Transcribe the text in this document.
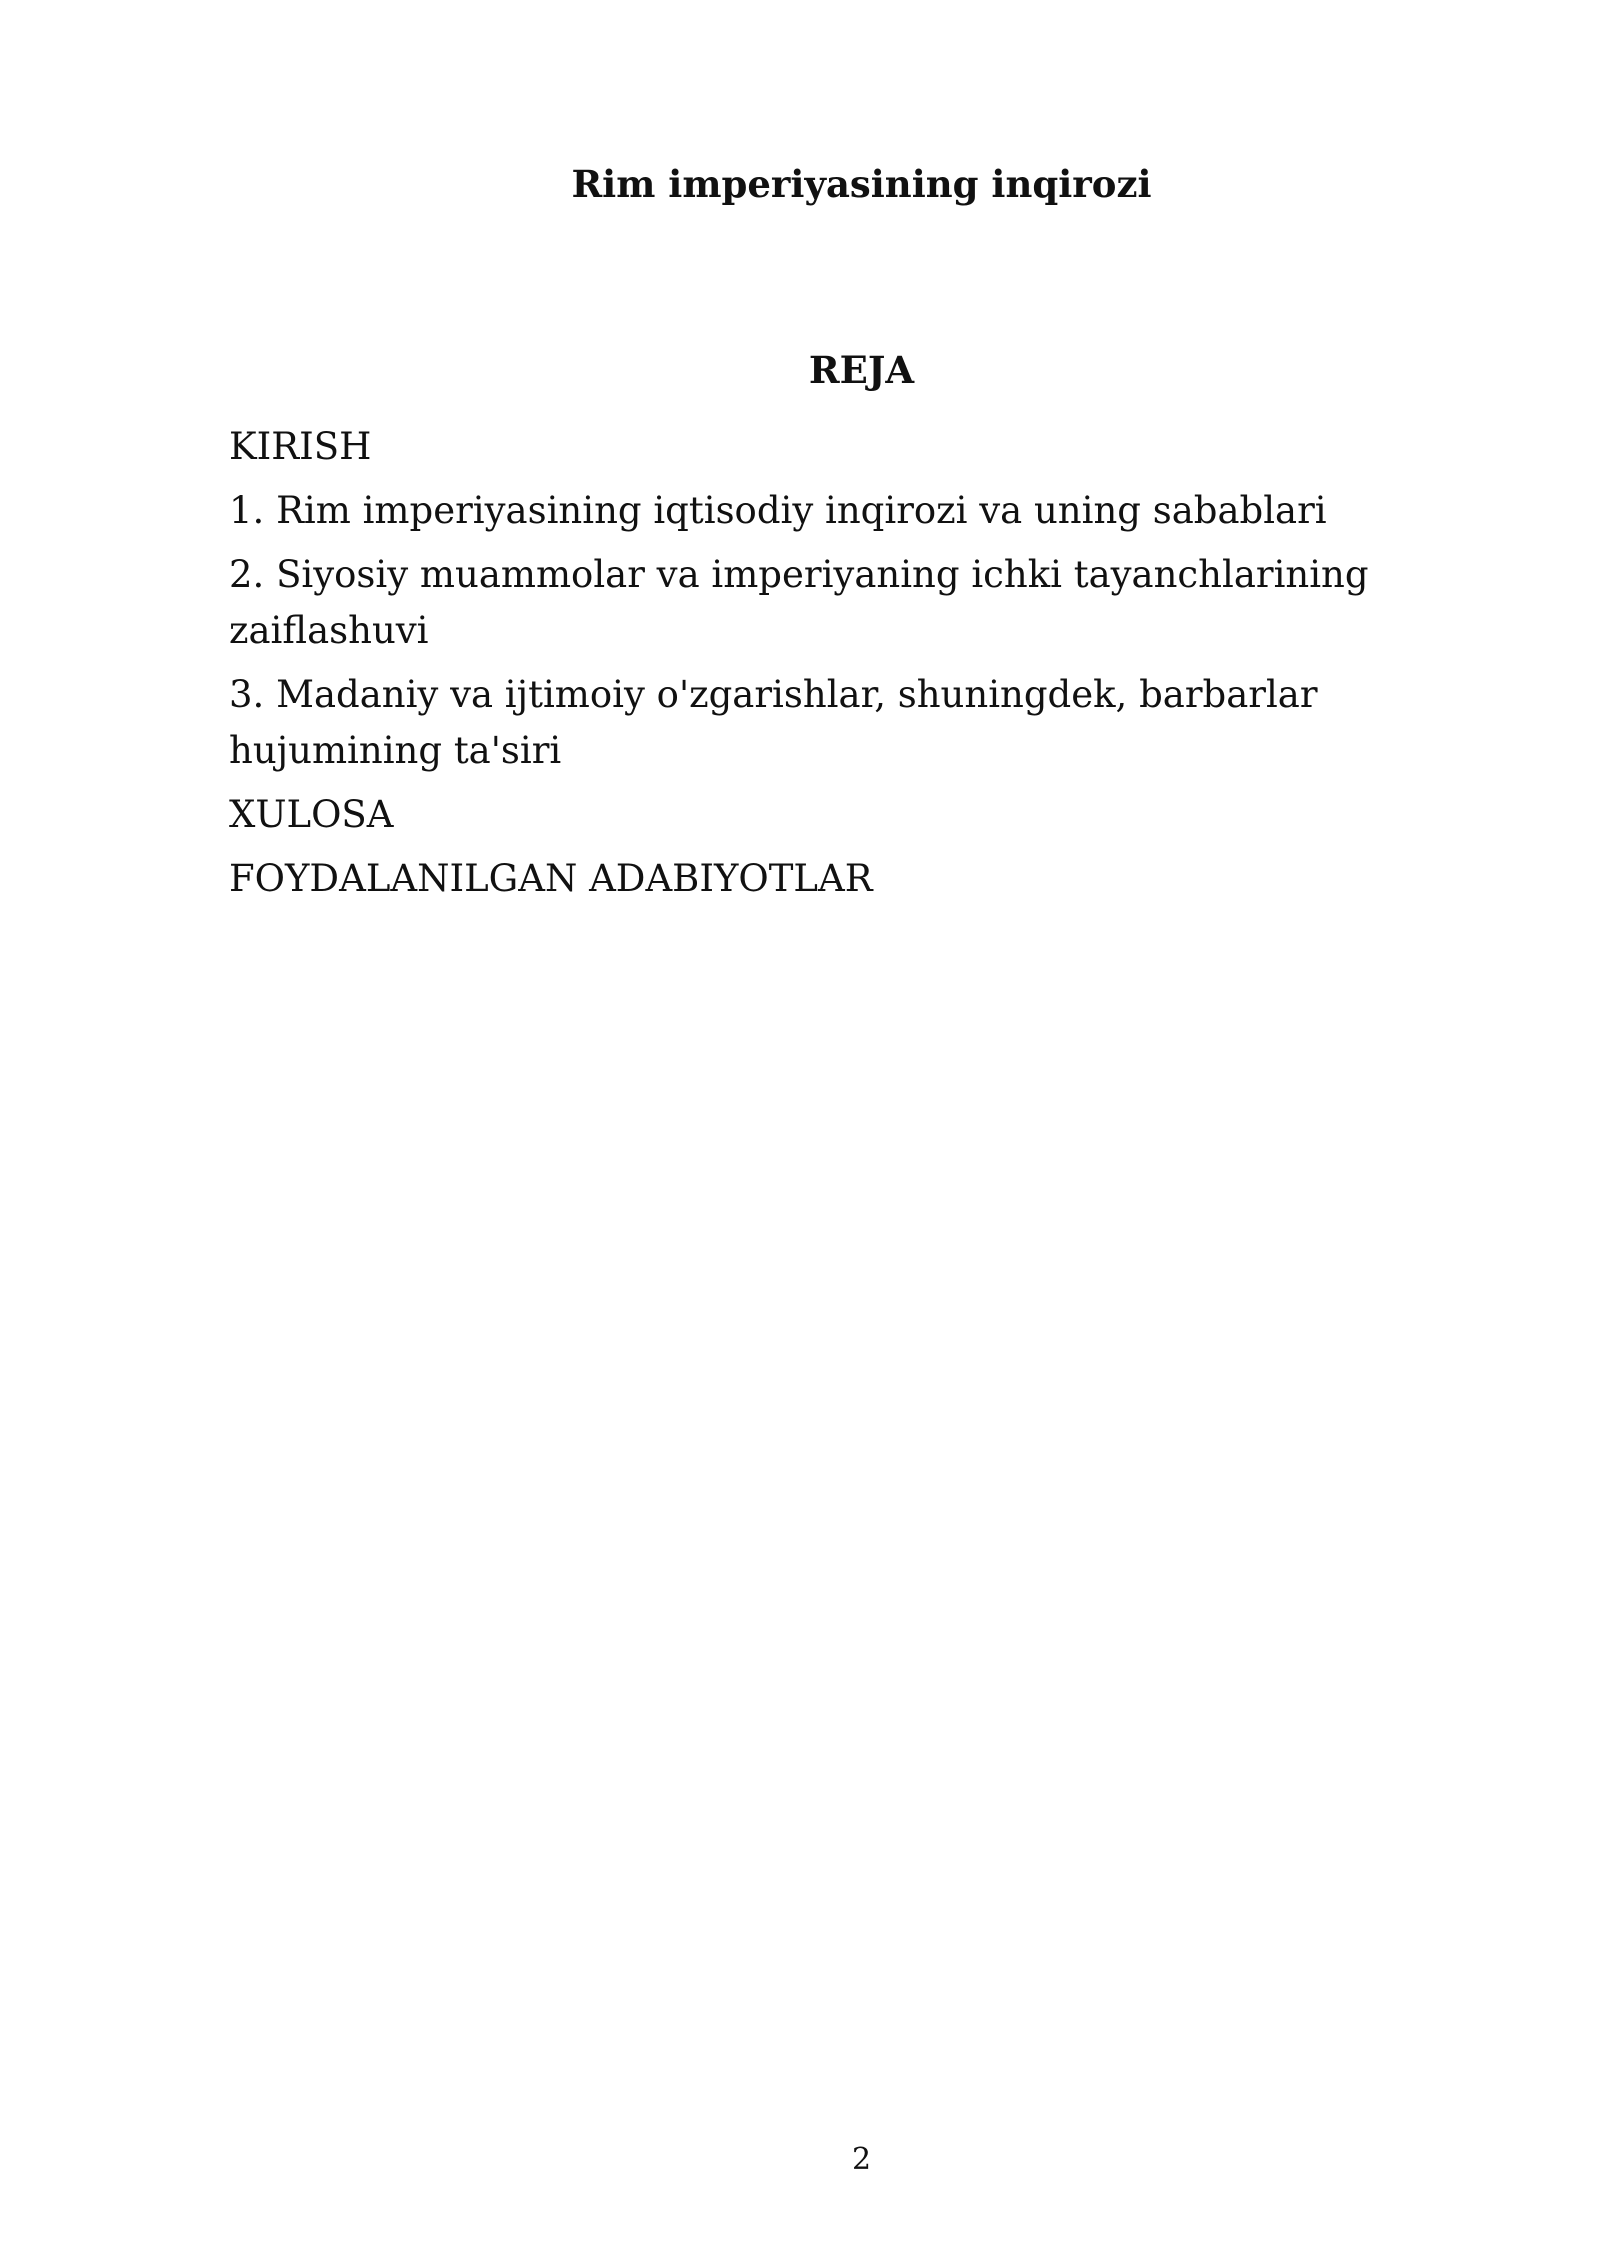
Rim imperiyasining inqirozi
REJA
KIRISH
1. Rim imperiyasining iqtisodiy inqirozi va uning sabablari
2. Siyosiy muammolar va imperiyaning ichki tayanchlarining zaiflashuvi
3. Madaniy va ijtimoiy o'zgarishlar, shuningdek, barbarlar hujumining ta'siri
XULOSA
FOYDALANILGAN ADABIYOTLAR
2
